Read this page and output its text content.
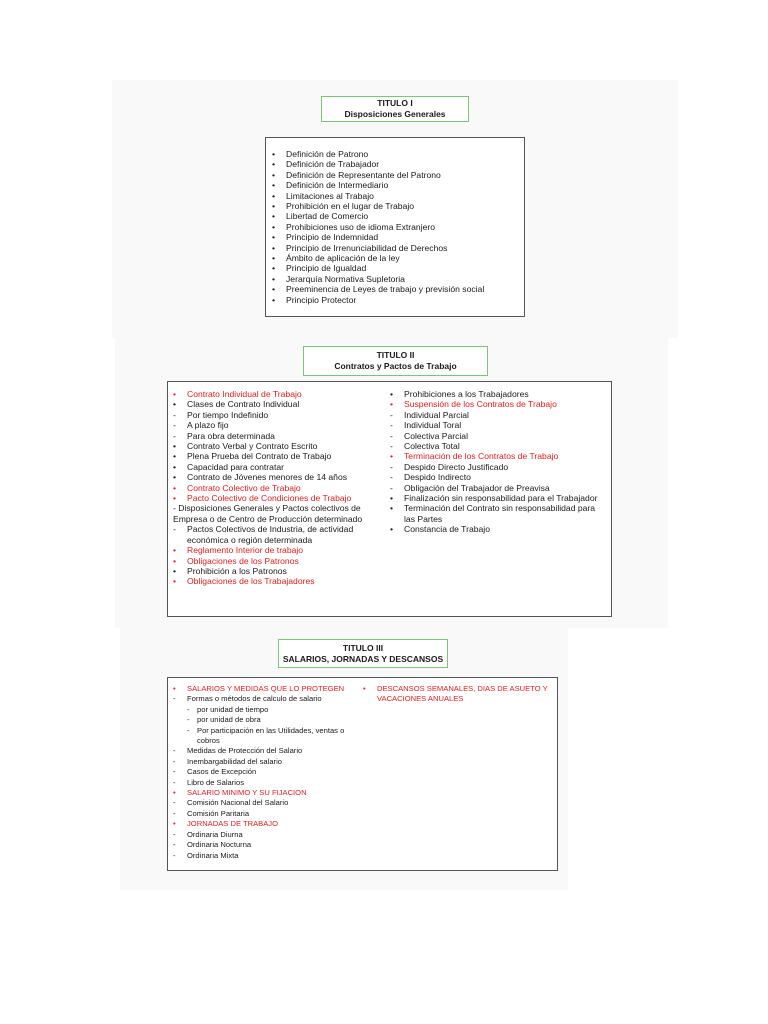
TITULO I
Disposiciones Generales
•	Definición de Patrono
•	Definición de Trabajador
•	Definición de Representante del Patrono
•	Definición de Intermediario
•	Limitaciones al Trabajo
•	Prohibición en el lugar de Trabajo
•	Libertad de Comercio
•	Prohibiciones uso de idioma Extranjero
•	Principio de Indemnidad
•	Principio de Irrenunciabilidad de Derechos
•	Ámbito de aplicación de la ley
•	Principio de Igualdad
•	Jerarquía Normativa Supletoria
•	Preeminencia de Leyes de trabajo y previsión social
•	Principio Protector
TITULO II
Contratos y Pactos de Trabajo
•	Contrato Individual de Trabajo
•	Clases de Contrato Individual
-	Por tiempo Indefinido
-	A plazo fijo
-	Para obra determinada
•	Contrato Verbal y Contrato Escrito
•	Plena Prueba del Contrato de Trabajo
•	Capacidad para contratar
•	Contrato de Jóvenes menores de 14 años
•	Contrato Colectivo de Trabajo
•	Pacto Colectivo de Condiciones de Trabajo
- Disposiciones Generales y Pactos colectivos de Empresa o de Centro de Producción determinado
-	Pactos Colectivos de Industria, de actividad económica o región determinada
•	Reglamento Interior de trabajo
•	Obligaciones de los Patronos
•	Prohibición a los Patronos
•	Obligaciones de los Trabajadores
•	Prohibiciones a los Trabajadores
•	Suspensión de los Contratos de Trabajo
-	Individual Parcial
-	Individual Toral
-	Colectiva Parcial
-	Colectiva Total
•	Terminación de los Contratos de Trabajo
-	Despido Directo Justificado
-	Despido Indirecto
-	Obligación del Trabajador de Preavisa
•	Finalización sin responsabilidad para el Trabajador
•	Terminación del Contrato sin responsabilidad para las Partes
•	Constancia de Trabajo
TITULO III
SALARIOS, JORNADAS Y DESCANSOS
•	SALARIOS Y MEDIDAS QUE LO PROTEGEN
-	Formas o métodos de calculo de salario
- por unidad de tiempo
- por unidad de obra
- Por participación en las Utilidades, ventas o cobros
-	Medidas de Protección del Salario
-	Inembargabilidad del salario
-	Casos de Excepción
-	Libro de Salarios
•	SALARIO MINIMO Y SU FIJACION
-	Comisión Nacional del Salario
-	Comisión Paritaria
•	JORNADAS DE TRABAJO
-	Ordinaria Diurna
-	Ordinaria Nocturna
-	Ordinaria Mixta
•	DESCANSOS SEMANALES, DIAS DE ASUETO Y VACACIONES ANUALES
